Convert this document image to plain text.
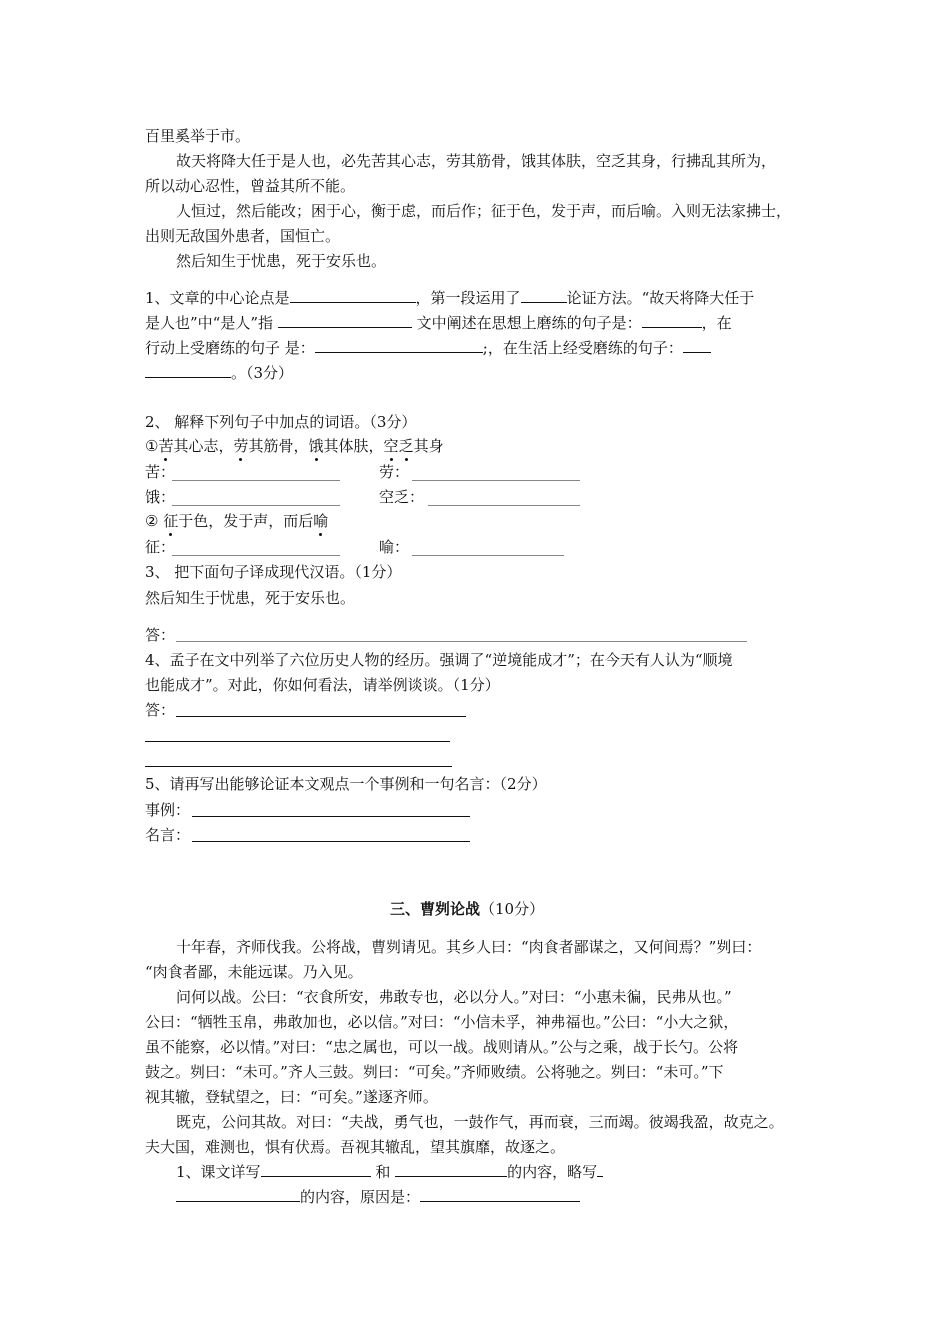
百里奚举于市。
故天将降大任于是人也，必先苦其心志，劳其筋骨，饿其体肤，空乏其身，行拂乱其所为，
所以动心忍性，曾益其所不能。
人恒过，然后能改；困于心，衡于虑，而后作；征于色，发于声，而后喻。入则无法家拂士，
出则无敌国外患者，国恒亡。
然后知生于忧患，死于安乐也。
1、文章的中心论点是	，第一段运用了	论证方法。“故天将降大任于
是人也”中“是人”指	文中阐述在思想上磨练的句子是：	，在
行动上受磨练的句子 是：	;，在生活上经受磨练的句子：
。（3分）
2、 解释下列句子中加点的词语。（3分）
①苦其心志，劳其筋骨，饿其体肤，空乏其身
苦：	劳：
饿：	空乏：
② 征于色，发于声，而后喻
征：	喻：
3、 把下面句子译成现代汉语。（1分）
然后知生于忧患，死于安乐也。
答：
4、孟子在文中列举了六位历史人物的经历。强调了“逆境能成才”；在今天有人认为“顺境
也能成才”。对此，你如何看法，请举例谈谈。（1分）
答：
5、请再写出能够论证本文观点一个事例和一句名言：（2分）
事例：
名言：
三、曹刿论战（10分）
十年春，齐师伐我。公将战，曹刿请见。其乡人曰：“肉食者鄙谋之，又何间焉？”刿曰：
“肉食者鄙，未能远谋。乃入见。
问何以战。公曰：“衣食所安，弗敢专也，必以分人。”对曰：“小惠未徧，民弗从也。”
公曰：“牺牲玉帛，弗敢加也，必以信。”对曰：“小信未孚，神弗福也。”公曰：“小大之狱，
虽不能察，必以情。”对曰：“忠之属也，可以一战。战则请从。”公与之乘，战于长勺。公将
鼓之。刿曰：“未可。”齐人三鼓。刿曰：“可矣。”齐师败绩。公将驰之。刿曰：“未可。”下
视其辙，登轼望之，曰：“可矣。”遂逐齐师。
既克，公问其故。对曰：“夫战，勇气也，一鼓作气，再而衰，三而竭。彼竭我盈，故克之。
夫大国，难测也，惧有伏焉。吾视其辙乱，望其旗靡，故逐之。
1、课文详写	和	的内容，略写
的内容，原因是：
